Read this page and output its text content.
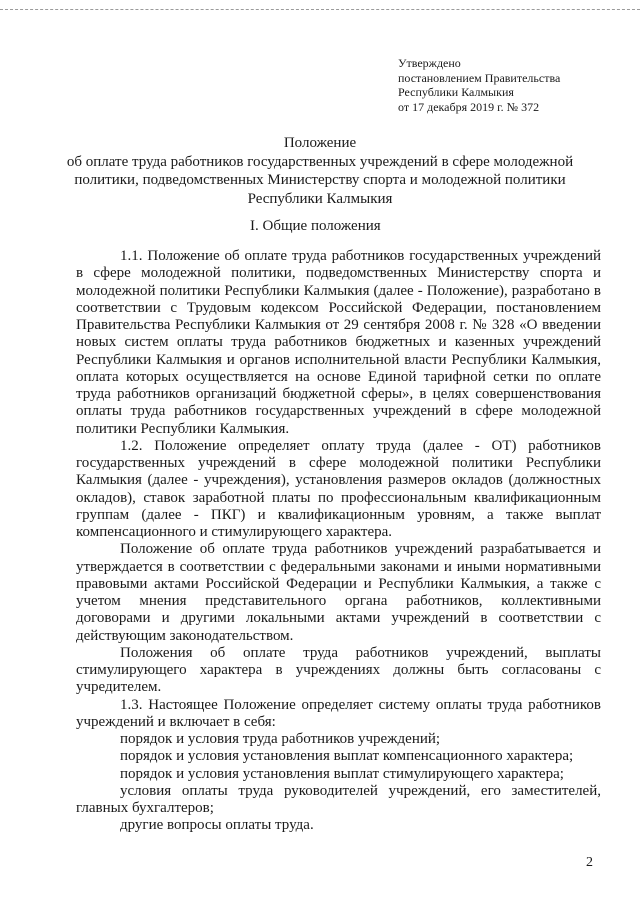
Утверждено
постановлением Правительства
Республики Калмыкия
от 17 декабря 2019 г. № 372
Положение
об оплате труда работников государственных учреждений в сфере молодежной
политики, подведомственных Министерству спорта и молодежной политики
Республики Калмыкия
I. Общие положения

1.1. Положение об оплате труда работников государственных учреждений в сфере молодежной политики, подведомственных Министерству спорта и молодежной политики Республики Калмыкия (далее - Положение), разработано в соответствии с Трудовым кодексом Российской Федерации, постановлением Правительства Республики Калмыкия от 29 сентября 2008 г. № 328 «О введении новых систем оплаты труда работников бюджетных и казенных учреждений Республики Калмыкия и органов исполнительной власти Республики Калмыкия, оплата которых осуществляется на основе Единой тарифной сетки по оплате труда работников организаций бюджетной сферы», в целях совершенствования оплаты труда работников государственных учреждений в сфере молодежной политики Республики Калмыкия.

1.2. Положение определяет оплату труда (далее - ОТ) работников государственных учреждений в сфере молодежной политики Республики Калмыкия (далее - учреждения), установления размеров окладов (должностных окладов), ставок заработной платы по профессиональным квалификационным группам (далее - ПКГ) и квалификационным уровням, а также выплат компенсационного и стимулирующего характера.

Положение об оплате труда работников учреждений разрабатывается и утверждается в соответствии с федеральными законами и иными нормативными правовыми актами Российской Федерации и Республики Калмыкия, а также с учетом мнения представительного органа работников, коллективными договорами и другими локальными актами учреждений в соответствии с действующим законодательством.

Положения об оплате труда работников учреждений, выплаты стимулирующего характера в учреждениях должны быть согласованы с учредителем.

1.3. Настоящее Положение определяет систему оплаты труда работников учреждений и включает в себя:

порядок и условия труда работников учреждений;

порядок и условия установления выплат компенсационного характера;

порядок и условия установления выплат стимулирующего характера;

условия оплаты труда руководителей учреждений, его заместителей, главных бухгалтеров;

другие вопросы оплаты труда.

2
